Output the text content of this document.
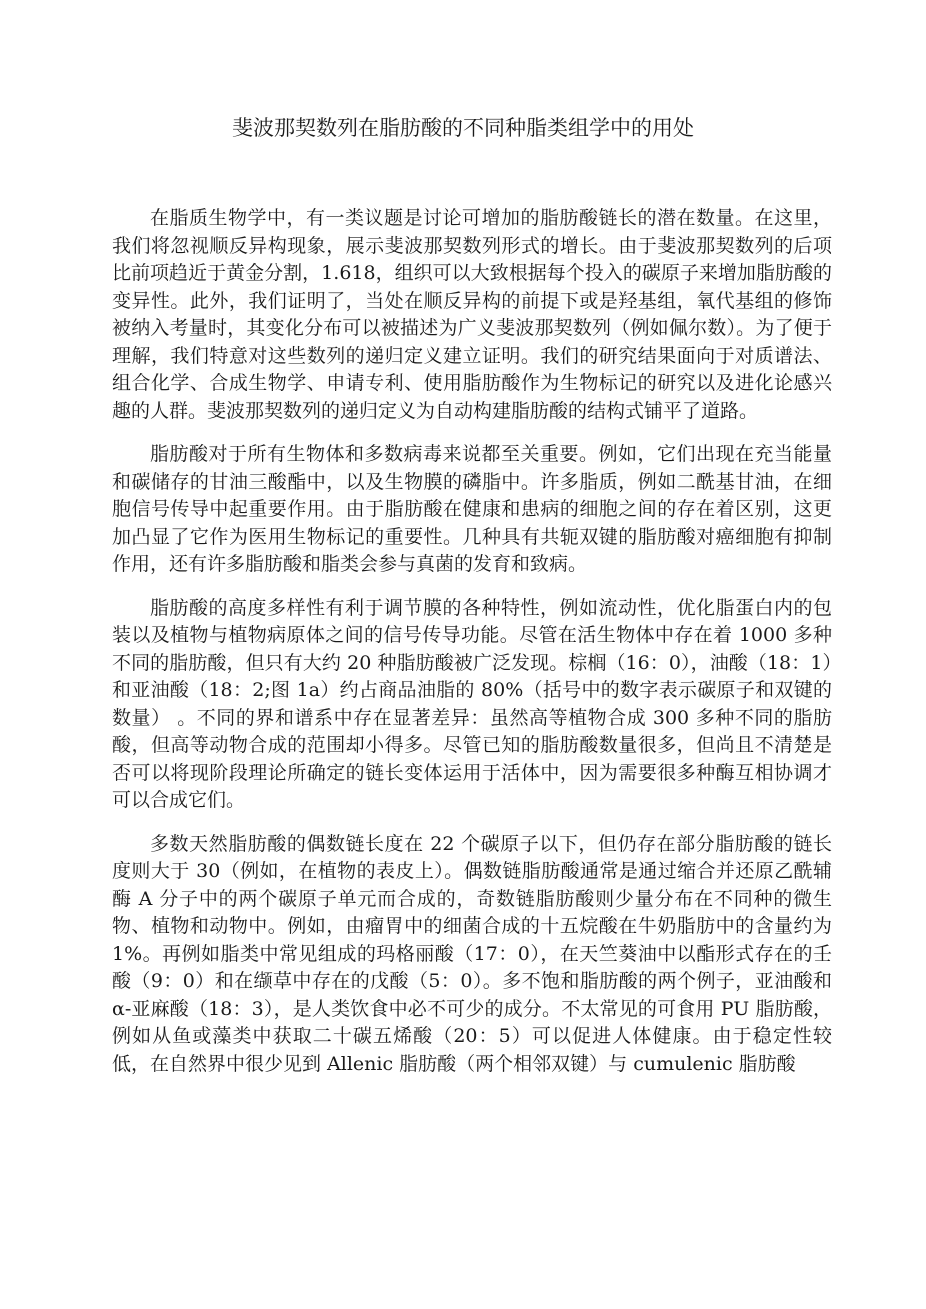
斐波那契数列在脂肪酸的不同种脂类组学中的用处

在脂质生物学中，有一类议题是讨论可增加的脂肪酸链长的潜在数量。在这里，我们将忽视顺反异构现象，展示斐波那契数列形式的增长。由于斐波那契数列的后项比前项趋近于黄金分割，1.618，组织可以大致根据每个投入的碳原子来增加脂肪酸的变异性。此外，我们证明了，当处在顺反异构的前提下或是羟基组，氧代基组的修饰被纳入考量时，其变化分布可以被描述为广义斐波那契数列（例如佩尔数）。为了便于理解，我们特意对这些数列的递归定义建立证明。我们的研究结果面向于对质谱法、组合化学、合成生物学、申请专利、使用脂肪酸作为生物标记的研究以及进化论感兴趣的人群。斐波那契数列的递归定义为自动构建脂肪酸的结构式铺平了道路。

脂肪酸对于所有生物体和多数病毒来说都至关重要。例如，它们出现在充当能量和碳储存的甘油三酸酯中，以及生物膜的磷脂中。许多脂质，例如二酰基甘油，在细胞信号传导中起重要作用。由于脂肪酸在健康和患病的细胞之间的存在着区别，这更加凸显了它作为医用生物标记的重要性。几种具有共轭双键的脂肪酸对癌细胞有抑制作用，还有许多脂肪酸和脂类会参与真菌的发育和致病。

脂肪酸的高度多样性有利于调节膜的各种特性，例如流动性，优化脂蛋白内的包装以及植物与植物病原体之间的信号传导功能。尽管在活生物体中存在着 1000 多种不同的脂肪酸，但只有大约 20 种脂肪酸被广泛发现。棕榈（16：0），油酸（18：1）和亚油酸（18：2;图 1a）约占商品油脂的 80%（括号中的数字表示碳原子和双键的数量） 。不同的界和谱系中存在显著差异：虽然高等植物合成 300 多种不同的脂肪酸，但高等动物合成的范围却小得多。尽管已知的脂肪酸数量很多，但尚且不清楚是否可以将现阶段理论所确定的链长变体运用于活体中，因为需要很多种酶互相协调才可以合成它们。

多数天然脂肪酸的偶数链长度在 22 个碳原子以下，但仍存在部分脂肪酸的链长度则大于 30（例如，在植物的表皮上）。偶数链脂肪酸通常是通过缩合并还原乙酰辅酶 A 分子中的两个碳原子单元而合成的，奇数链脂肪酸则少量分布在不同种的微生物、植物和动物中。例如，由瘤胃中的细菌合成的十五烷酸在牛奶脂肪中的含量约为 1%。再例如脂类中常见组成的玛格丽酸（17：0），在天竺葵油中以酯形式存在的壬酸（9：0）和在缬草中存在的戊酸（5：0）。多不饱和脂肪酸的两个例子，亚油酸和α-亚麻酸（18：3），是人类饮食中必不可少的成分。不太常见的可食用 PU 脂肪酸，例如从鱼或藻类中获取二十碳五烯酸（20：5）可以促进人体健康。由于稳定性较低，在自然界中很少见到 Allenic 脂肪酸（两个相邻双键）与 cumulenic 脂肪酸
